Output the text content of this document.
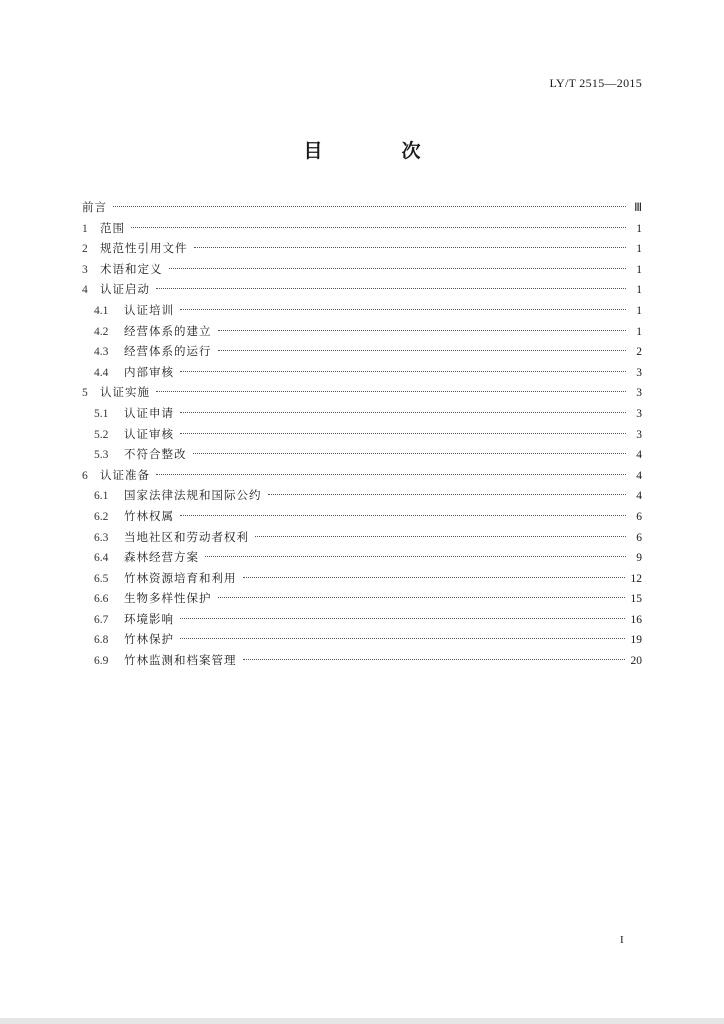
LY/T 2515—2015
目　次
前言	Ⅲ
1	范围	1
2	规范性引用文件	1
3	术语和定义	1
4	认证启动	1
4.1	认证培训	1
4.2	经营体系的建立	1
4.3	经营体系的运行	2
4.4	内部审核	3
5	认证实施	3
5.1	认证申请	3
5.2	认证审核	3
5.3	不符合整改	4
6	认证准备	4
6.1	国家法律法规和国际公约	4
6.2	竹林权属	6
6.3	当地社区和劳动者权利	6
6.4	森林经营方案	9
6.5	竹林资源培育和利用	12
6.6	生物多样性保护	15
6.7	环境影响	16
6.8	竹林保护	19
6.9	竹林监测和档案管理	20
I
